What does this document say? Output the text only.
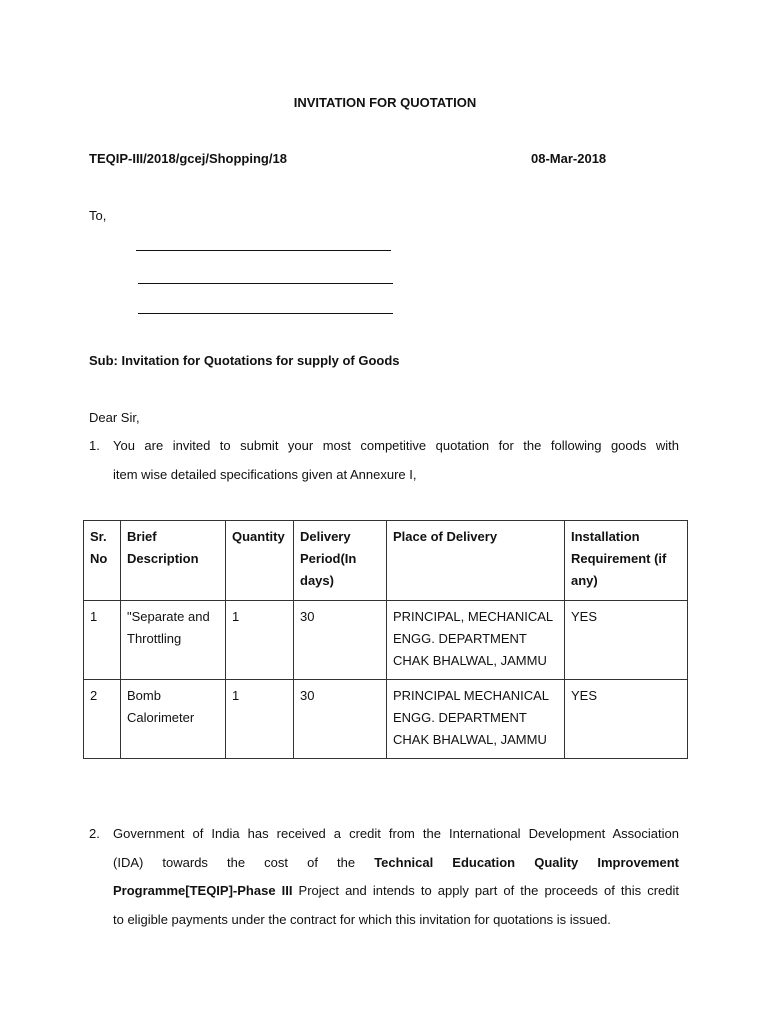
INVITATION FOR QUOTATION
TEQIP-III/2018/gcej/Shopping/18	08-Mar-2018
To,
Sub: Invitation for Quotations for supply of Goods
Dear Sir,
1. You are invited to submit your most competitive quotation for the following goods with
item wise detailed specifications given at Annexure I,
Sr. No	Brief Description	Quantity	Delivery Period(In days)	Place of Delivery	Installation Requirement (if any)
1	"Separate and Throttling	1	30	PRINCIPAL, MECHANICAL ENGG. DEPARTMENT CHAK BHALWAL, JAMMU	YES
2	Bomb Calorimeter	1	30	PRINCIPAL MECHANICAL ENGG. DEPARTMENT CHAK BHALWAL, JAMMU	YES
2. Government of India has received a credit from the International Development Association
(IDA) towards the cost of the Technical Education Quality Improvement
Programme[TEQIP]-Phase III Project and intends to apply part of the proceeds of this credit
to eligible payments under the contract for which this invitation for quotations is issued.
